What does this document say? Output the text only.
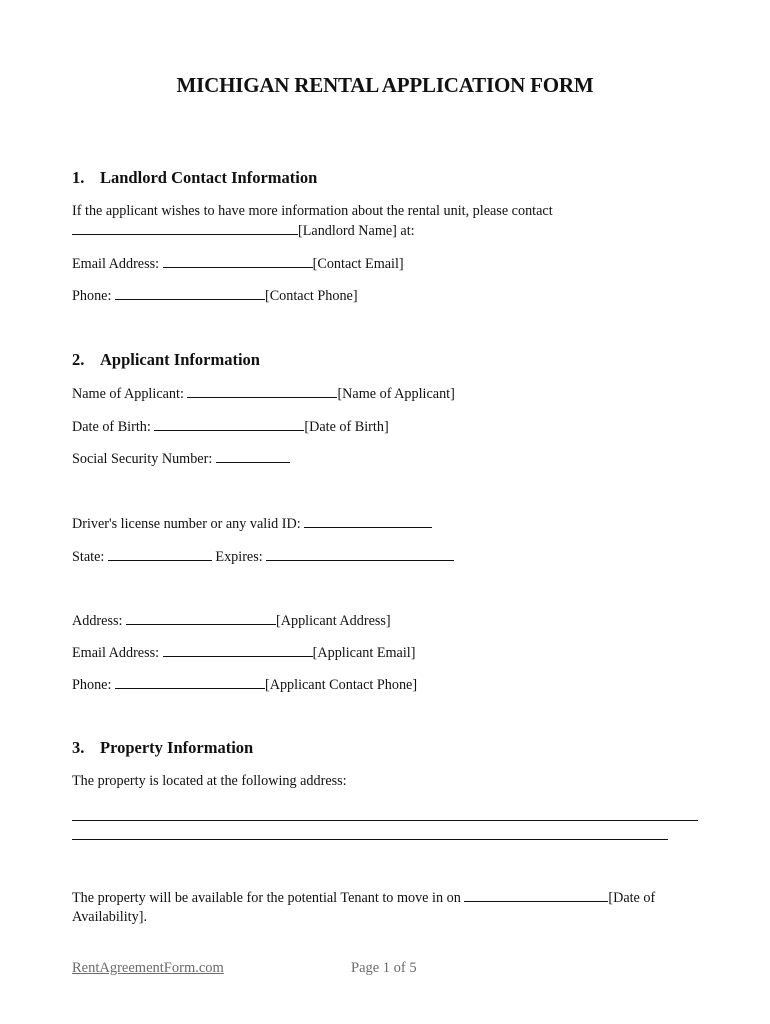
MICHIGAN RENTAL APPLICATION FORM
1. Landlord Contact Information
If the applicant wishes to have more information about the rental unit, please contact
[Landlord Name] at:
Email Address:	[Contact Email]
Phone:	[Contact Phone]
2. Applicant Information
Name of Applicant:	[Name of Applicant]
Date of Birth:	[Date of Birth]
Social Security Number:
Driver's license number or any valid ID:
State:	Expires:
Address:	[Applicant Address]
Email Address:	[Applicant Email]
Phone:	[Applicant Contact Phone]
3. Property Information
The property is located at the following address:
The property will be available for the potential Tenant to move in on	[Date of
Availability].
RentAgreementForm.com	Page 1 of 5
